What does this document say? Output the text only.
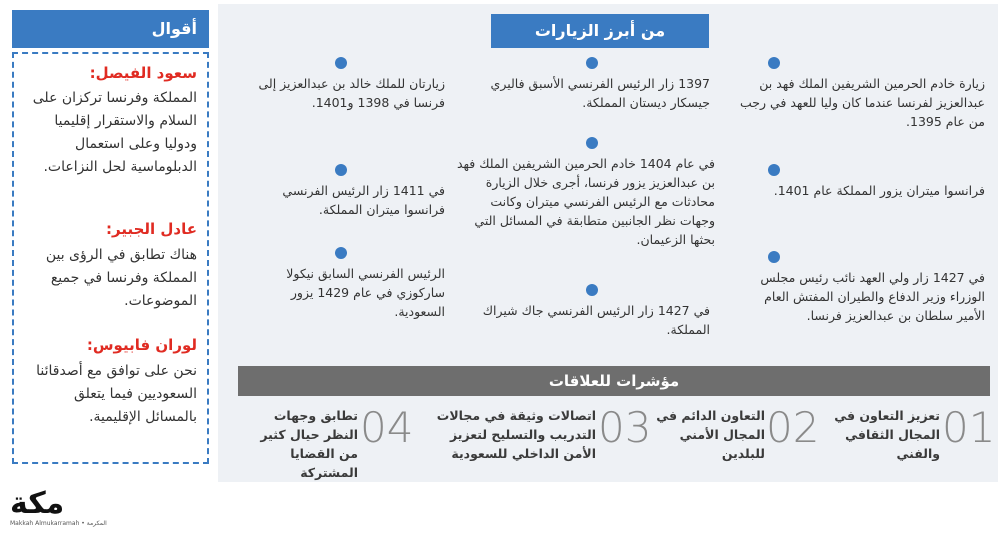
من أبرز الزيارات
زيارة خادم الحرمين الشريفين الملك فهد بن عبدالعزيز لفرنسا عندما كان وليا للعهد في رجب من عام 1395.
فرانسوا ميتران يزور المملكة عام 1401.
في 1427 زار ولي العهد نائب رئيس مجلس الوزراء وزير الدفاع والطيران المفتش العام الأمير سلطان بن عبدالعزيز فرنسا.
1397 زار الرئيس الفرنسي الأسبق فاليري جيسكار ديستان المملكة.
في عام 1404 خادم الحرمين الشريفين الملك فهد بن عبدالعزيز يزور فرنسا، أجرى خلال الزيارة محادثات مع الرئيس الفرنسي ميتران وكانت وجهات نظر الجانبين متطابقة في المسائل التي بحثها الزعيمان.
في 1427 زار الرئيس الفرنسي جاك شيراك المملكة.
زيارتان للملك خالد بن عبدالعزيز إلى فرنسا في 1398 و1401.
في 1411 زار الرئيس الفرنسي فرانسوا ميتران المملكة.
الرئيس الفرنسي السابق نيكولا ساركوزي في عام 1429 يزور السعودية.
مؤشرات للعلاقات
01
تعزيز التعاون في المجال الثقافي والفني
02
التعاون الدائم في المجال الأمني للبلدين
03
اتصالات وثيقة في مجالات التدريب والتسليح لتعزيز الأمن الداخلي للسعودية
04
تطابق وجهات النظر حيال كثير من القضايا المشتركة
أقوال
سعود الفيصل:
المملكة وفرنسا تركزان على السلام والاستقرار إقليميا ودوليا وعلى استعمال الدبلوماسية لحل النزاعات.
عادل الجبير:
هناك تطابق في الرؤى بين المملكة وفرنسا في جميع الموضوعات.
لوران فابيوس:
نحن على توافق مع أصدقائنا السعوديين فيما يتعلق بالمسائل الإقليمية.
مكة
Makkah Almukarramah • المكرمة
